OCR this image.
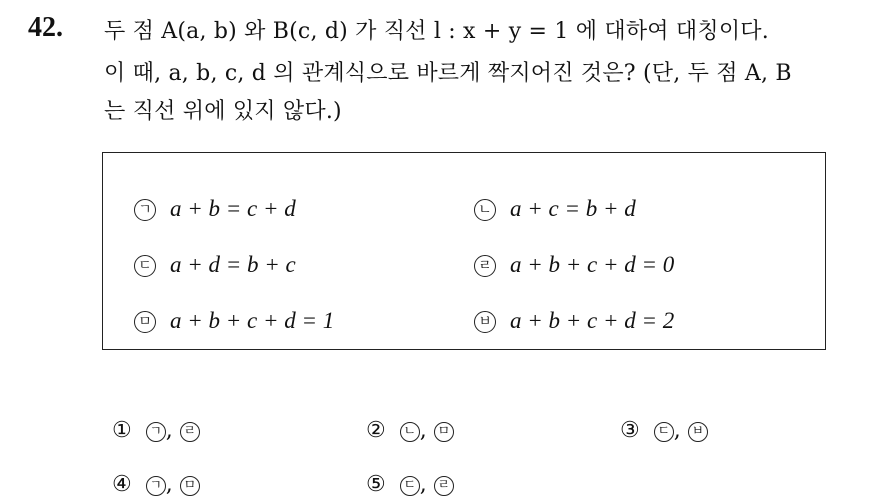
42. 두 점 A(a, b) 와 B(c, d) 가 직선 l : x + y = 1 에 대하여 대칭이다.
이 때, a, b, c, d 의 관계식으로 바르게 짝지어진 것은? (단, 두 점 A, B
는 직선 위에 있지 않다.)
ㄱ a + b = c + d	ㄴ a + c = b + d
ㄷ a + d = b + c	ㄹ a + b + c + d = 0
ㅁ a + b + c + d = 1	ㅂ a + b + c + d = 2
① ㄱ , ㄹ	② ㄴ , ㅁ	③ ㄷ , ㅂ
④ ㄱ , ㅁ	⑤ ㄷ , ㄹ
